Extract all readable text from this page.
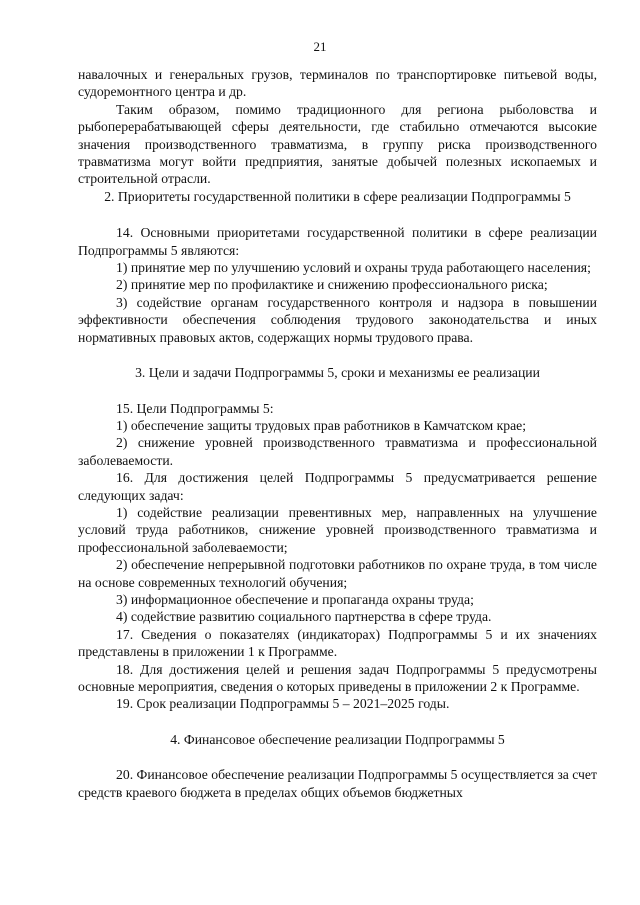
21

навалочных и генеральных грузов, терминалов по транспортировке питьевой воды, судоремонтного центра и др.

Таким образом, помимо традиционного для региона рыболовства и рыбоперерабатывающей сферы деятельности, где стабильно отмечаются высокие значения производственного травматизма, в группу риска производственного травматизма могут войти предприятия, занятые добычей полезных ископаемых и строительной отрасли.

2. Приоритеты государственной политики в сфере реализации Подпрограммы 5

14. Основными приоритетами государственной политики в сфере реализации Подпрограммы 5 являются:

1) принятие мер по улучшению условий и охраны труда работающего населения;

2) принятие мер по профилактике и снижению профессионального риска;

3) содействие органам государственного контроля и надзора в повышении эффективности обеспечения соблюдения трудового законодательства и иных нормативных правовых актов, содержащих нормы трудового права.

3. Цели и задачи Подпрограммы 5, сроки и механизмы ее реализации

15. Цели Подпрограммы 5:

1) обеспечение защиты трудовых прав работников в Камчатском крае;

2) снижение уровней производственного травматизма и профессиональной заболеваемости.

16. Для достижения целей Подпрограммы 5 предусматривается решение следующих задач:

1) содействие реализации превентивных мер, направленных на улучшение условий труда работников, снижение уровней производственного травматизма и профессиональной заболеваемости;

2) обеспечение непрерывной подготовки работников по охране труда, в том числе на основе современных технологий обучения;

3) информационное обеспечение и пропаганда охраны труда;

4) содействие развитию социального партнерства в сфере труда.

17. Сведения о показателях (индикаторах) Подпрограммы 5 и их значениях представлены в приложении 1 к Программе.

18. Для достижения целей и решения задач Подпрограммы 5 предусмотрены основные мероприятия, сведения о которых приведены в приложении 2 к Программе.

19. Срок реализации Подпрограммы 5 – 2021–2025 годы.

4. Финансовое обеспечение реализации Подпрограммы 5

20. Финансовое обеспечение реализации Подпрограммы 5 осуществляется за счет средств краевого бюджета в пределах общих объемов бюджетных
